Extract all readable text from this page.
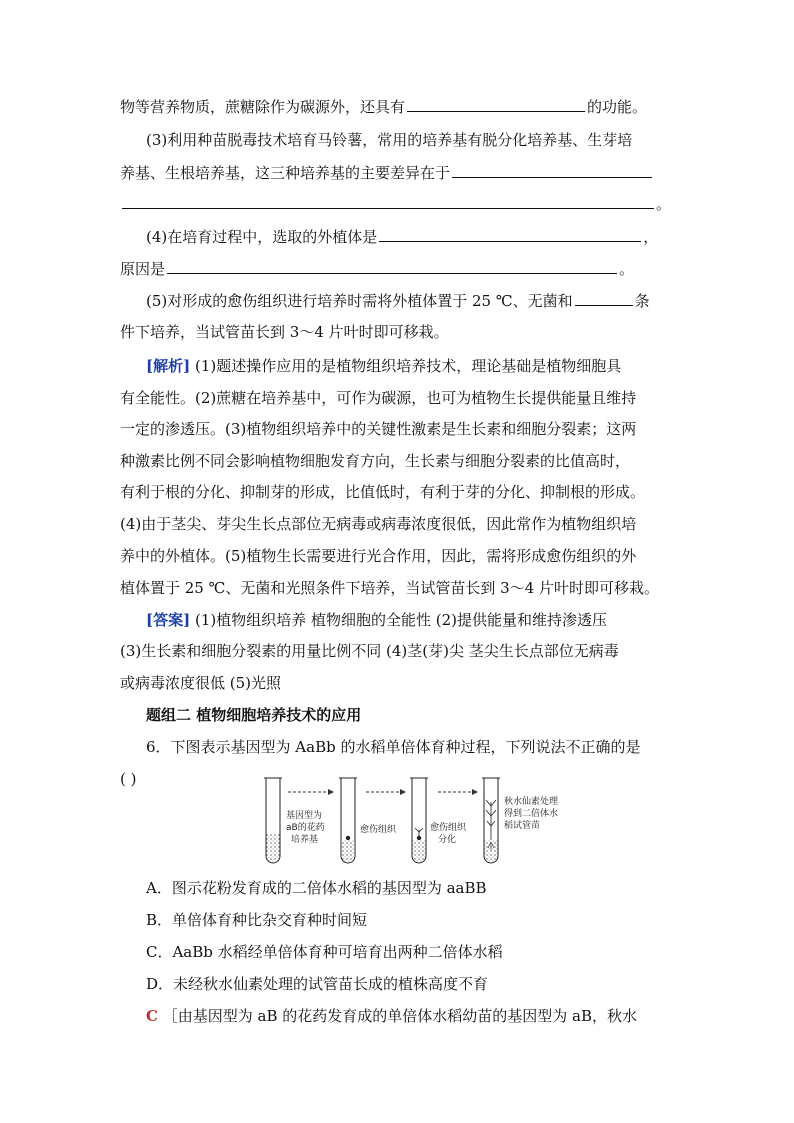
物等营养物质，蔗糖除作为碳源外，还具有	的功能。
(3)利用种苗脱毒技术培育马铃薯，常用的培养基有脱分化培养基、生芽培
养基、生根培养基，这三种培养基的主要差异在于
。
(4)在培育过程中，选取的外植体是	，
原因是	。
(5)对形成的愈伤组织进行培养时需将外植体置于 25 ℃、无菌和	条
件下培养，当试管苗长到 3～4 片叶时即可移栽。
[解析] (1)题述操作应用的是植物组织培养技术，理论基础是植物细胞具
有全能性。(2)蔗糖在培养基中，可作为碳源，也可为植物生长提供能量且维持
一定的渗透压。(3)植物组织培养中的关键性激素是生长素和细胞分裂素；这两
种激素比例不同会影响植物细胞发育方向，生长素与细胞分裂素的比值高时，
有利于根的分化、抑制芽的形成，比值低时，有利于芽的分化、抑制根的形成。
(4)由于茎尖、芽尖生长点部位无病毒或病毒浓度很低，因此常作为植物组织培
养中的外植体。(5)植物生长需要进行光合作用，因此，需将形成愈伤组织的外
植体置于 25 ℃、无菌和光照条件下培养，当试管苗长到 3～4 片叶时即可移栽。
[答案] (1)植物组织培养 植物细胞的全能性 (2)提供能量和维持渗透压
(3)生长素和细胞分裂素的用量比例不同 (4)茎(芽)尖 茎尖生长点部位无病毒
或病毒浓度很低 (5)光照
题组二 植物细胞培养技术的应用
6．下图表示基因型为 AaBb 的水稻单倍体育种过程，下列说法不正确的是
( )
基因型为
aB的花药
培养基
愈伤组织	愈伤组织
分化
秋水仙素处理
得到二倍体水
稻试管苗
A．图示花粉发育成的二倍体水稻的基因型为 aaBB
B．单倍体育种比杂交育种时间短
C．AaBb 水稻经单倍体育种可培育出两种二倍体水稻
D．未经秋水仙素处理的试管苗长成的植株高度不育
C ［由基因型为 aB 的花药发育成的单倍体水稻幼苗的基因型为 aB，秋水
